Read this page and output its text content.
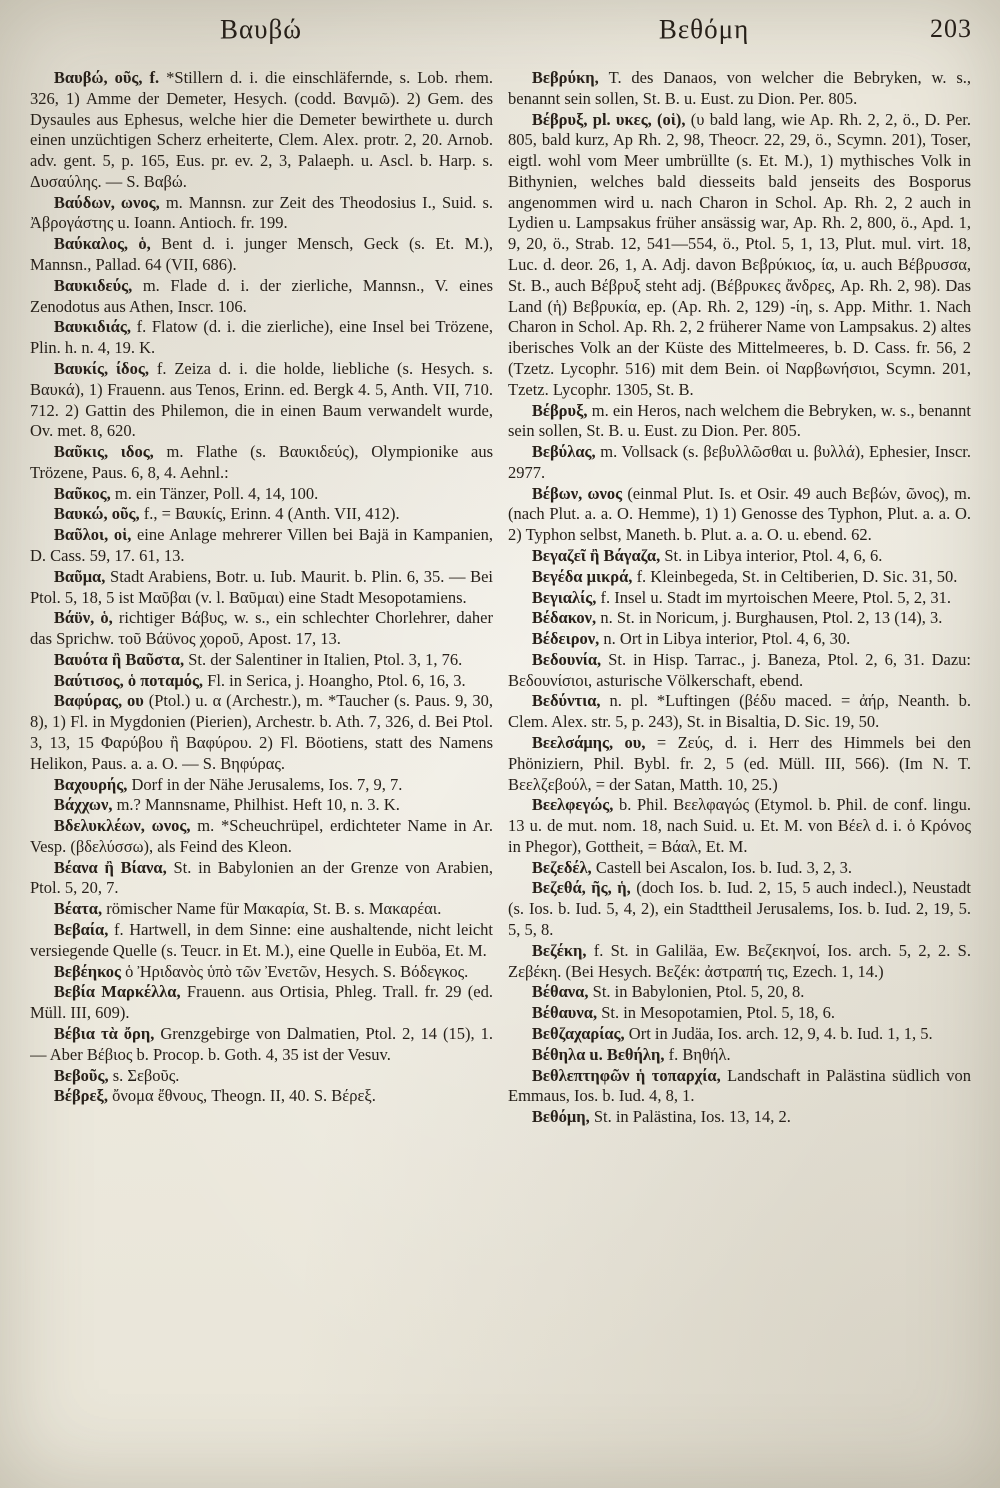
Βαυβώ	Βεθόμη	203

Βαυβώ, οῦς, f. *Stillern d. i. die einschläfernde, s. Lob. rhem. 326, 1) Amme der Demeter, Hesych. (codd. Βανμῶ). 2) Gem. des Dysaules aus Ephesus, welche hier die Demeter bewirthete u. durch einen unzüchtigen Scherz erheiterte, Clem. Alex. protr. 2, 20. Arnob. adv. gent. 5, p. 165, Eus. pr. ev. 2, 3, Palaeph. u. Ascl. b. Harp. s. Δυσαύλης. — S. Βαβώ.

Βαύδων, ωνος, m. Mannsn. zur Zeit des Theodosius I., Suid. s. Ἀβρογάστης u. Ioann. Antioch. fr. 199.

Βαύκαλος, ὁ, Bent d. i. junger Mensch, Geck (s. Et. M.), Mannsn., Pallad. 64 (VII, 686).

Βαυκιδεύς, m. Flade d. i. der zierliche, Mannsn., V. eines Zenodotus aus Athen, Inscr. 106.

Βαυκιδιάς, f. Flatow (d. i. die zierliche), eine Insel bei Trözene, Plin. h. n. 4, 19. K.

Βαυκίς, ίδος, f. Zeiza d. i. die holde, liebliche (s. Hesych. s. Βαυκά), 1) Frauenn. aus Tenos, Erinn. ed. Bergk 4. 5, Anth. VII, 710. 712. 2) Gattin des Philemon, die in einen Baum verwandelt wurde, Ov. met. 8, 620.

Βαῦκις, ιδος, m. Flathe (s. Βαυκιδεύς), Olympionike aus Trözene, Paus. 6, 8, 4. Aehnl.:

Βαῦκος, m. ein Tänzer, Poll. 4, 14, 100.

Βαυκώ, οῦς, f., = Βαυκίς, Erinn. 4 (Anth. VII, 412).

Βαῦλοι, οἱ, eine Anlage mehrerer Villen bei Bajä in Kampanien, D. Cass. 59, 17. 61, 13.

Βαῦμα, Stadt Arabiens, Botr. u. Iub. Maurit. b. Plin. 6, 35. — Bei Ptol. 5, 18, 5 ist Μαῦβαι (v. l. Βαῦμαι) eine Stadt Mesopotamiens.

Βάϋν, ὁ, richtiger Βάβυς, w. s., ein schlechter Chorlehrer, daher das Sprichw. τοῦ Βάϋνος χοροῦ, Apost. 17, 13.

Βαυότα ἢ Βαῦστα, St. der Salentiner in Italien, Ptol. 3, 1, 76.

Βαύτισος, ὁ ποταμός, Fl. in Serica, j. Hoangho, Ptol. 6, 16, 3.

Βαφύρας, ου (Ptol.) u. α (Archestr.), m. *Taucher (s. Paus. 9, 30, 8), 1) Fl. in Mygdonien (Pierien), Archestr. b. Ath. 7, 326, d. Bei Ptol. 3, 13, 15 Φαρύβου ἢ Βαφύρου. 2) Fl. Böotiens, statt des Namens Helikon, Paus. a. a. O. — S. Βηφύρας.

Βαχουρής, Dorf in der Nähe Jerusalems, Ios. 7, 9, 7.

Βάχχων, m.? Mannsname, Philhist. Heft 10, n. 3. K.

Βδελυκλέων, ωνος, m. *Scheuchrüpel, erdichteter Name in Ar. Vesp. (βδελύσσω), als Feind des Kleon.

Βέανα ἢ Βίανα, St. in Babylonien an der Grenze von Arabien, Ptol. 5, 20, 7.

Βέατα, römischer Name für Μακαρία, St. B. s. Μακαρέαι.

Βεβαία, f. Hartwell, in dem Sinne: eine aushaltende, nicht leicht versiegende Quelle (s. Teucr. in Et. M.), eine Quelle in Euböa, Et. M.

Βεβέηκος ὁ Ἠριδανὸς ὑπὸ τῶν Ἐνετῶν, Hesych. S. Βόδεγκος.

Βεβία Μαρκέλλα, Frauenn. aus Ortisia, Phleg. Trall. fr. 29 (ed. Müll. III, 609).

Βέβια τὰ ὄρη, Grenzgebirge von Dalmatien, Ptol. 2, 14 (15), 1. — Aber Βέβιος b. Procop. b. Goth. 4, 35 ist der Vesuv.

Βεβοῦς, s. Σεβοῦς.

Βέβρεξ, ὄνομα ἔθνους, Theogn. II, 40. S. Βέρεξ.

Βεβρύκη, T. des Danaos, von welcher die Bebryken, w. s., benannt sein sollen, St. B. u. Eust. zu Dion. Per. 805.

Βέβρυξ, pl. υκες, (οἱ), (υ bald lang, wie Ap. Rh. 2, 2, ö., D. Per. 805, bald kurz, Ap Rh. 2, 98, Theocr. 22, 29, ö., Scymn. 201), Toser, eigtl. wohl vom Meer umbrüllte (s. Et. M.), 1) mythisches Volk in Bithynien, welches bald diesseits bald jenseits des Bosporus angenommen wird u. nach Charon in Schol. Ap. Rh. 2, 2 auch in Lydien u. Lampsakus früher ansässig war, Ap. Rh. 2, 800, ö., Apd. 1, 9, 20, ö., Strab. 12, 541—554, ö., Ptol. 5, 1, 13, Plut. mul. virt. 18, Luc. d. deor. 26, 1, A. Adj. davon Βεβρύκιος, ία, u. auch Βέβρυσσα, St. B., auch Βέβρυξ steht adj. (Βέβρυκες ἄνδρες, Ap. Rh. 2, 98). Das Land (ἡ) Βεβρυκία, ep. (Ap. Rh. 2, 129) -ίη, s. App. Mithr. 1. Nach Charon in Schol. Ap. Rh. 2, 2 früherer Name von Lampsakus. 2) altes iberisches Volk an der Küste des Mittelmeeres, b. D. Cass. fr. 56, 2 (Tzetz. Lycophr. 516) mit dem Bein. οἱ Ναρβωνήσιοι, Scymn. 201, Tzetz. Lycophr. 1305, St. B.

Βέβρυξ, m. ein Heros, nach welchem die Bebryken, w. s., benannt sein sollen, St. B. u. Eust. zu Dion. Per. 805.

Βεβύλας, m. Vollsack (s. βεβυλλῶσθαι u. βυλλά), Ephesier, Inscr. 2977.

Βέβων, ωνος (einmal Plut. Is. et Osir. 49 auch Βεβών, ῶνος), m. (nach Plut. a. a. O. Hemme), 1) 1) Genosse des Typhon, Plut. a. a. O. 2) Typhon selbst, Maneth. b. Plut. a. a. O. u. ebend. 62.

Βεγαζεῖ ἢ Βάγαζα, St. in Libya interior, Ptol. 4, 6, 6.

Βεγέδα μικρά, f. Kleinbegeda, St. in Celtiberien, D. Sic. 31, 50.

Βεγιαλίς, f. Insel u. Stadt im myrtoischen Meere, Ptol. 5, 2, 31.

Βέδακον, n. St. in Noricum, j. Burghausen, Ptol. 2, 13 (14), 3.

Βέδειρον, n. Ort in Libya interior, Ptol. 4, 6, 30.

Βεδουνία, St. in Hisp. Tarrac., j. Baneza, Ptol. 2, 6, 31. Dazu: Βεδουνίσιοι, asturische Völkerschaft, ebend.

Βεδύντια, n. pl. *Luftingen (βέδυ maced. = ἀήρ, Neanth. b. Clem. Alex. str. 5, p. 243), St. in Bisaltia, D. Sic. 19, 50.

Βεελσάμης, ου, = Ζεύς, d. i. Herr des Himmels bei den Phöniziern, Phil. Bybl. fr. 2, 5 (ed. Müll. III, 566). (Im N. T. Βεελζεβούλ, = der Satan, Matth. 10, 25.)

Βεελφεγώς, b. Phil. Βεελφαγώς (Etymol. b. Phil. de conf. lingu. 13 u. de mut. nom. 18, nach Suid. u. Et. M. von Βέελ d. i. ὁ Κρόνος in Phegor), Gottheit, = Βάαλ, Et. M.

Βεζεδέλ, Castell bei Ascalon, Ios. b. Iud. 3, 2, 3.

Βεζεθά, ῆς, ἡ, (doch Ios. b. Iud. 2, 15, 5 auch indecl.), Neustadt (s. Ios. b. Iud. 5, 4, 2), ein Stadttheil Jerusalems, Ios. b. Iud. 2, 19, 5. 5, 5, 8.

Βεζέκη, f. St. in Galiläa, Ew. Βεζεκηνοί, Ios. arch. 5, 2, 2. S. Ζεβέκη. (Bei Hesych. Βεζέκ: ἀστραπή τις, Ezech. 1, 14.)

Βέθανα, St. in Babylonien, Ptol. 5, 20, 8.

Βέθαυνα, St. in Mesopotamien, Ptol. 5, 18, 6.

Βεθζαχαρίας, Ort in Judäa, Ios. arch. 12, 9, 4. b. Iud. 1, 1, 5.

Βέθηλα u. Βεθήλη, f. Βηθήλ.

Βεθλεπτηφῶν ἡ τοπαρχία, Landschaft in Palästina südlich von Emmaus, Ios. b. Iud. 4, 8, 1.

Βεθόμη, St. in Palästina, Ios. 13, 14, 2.
